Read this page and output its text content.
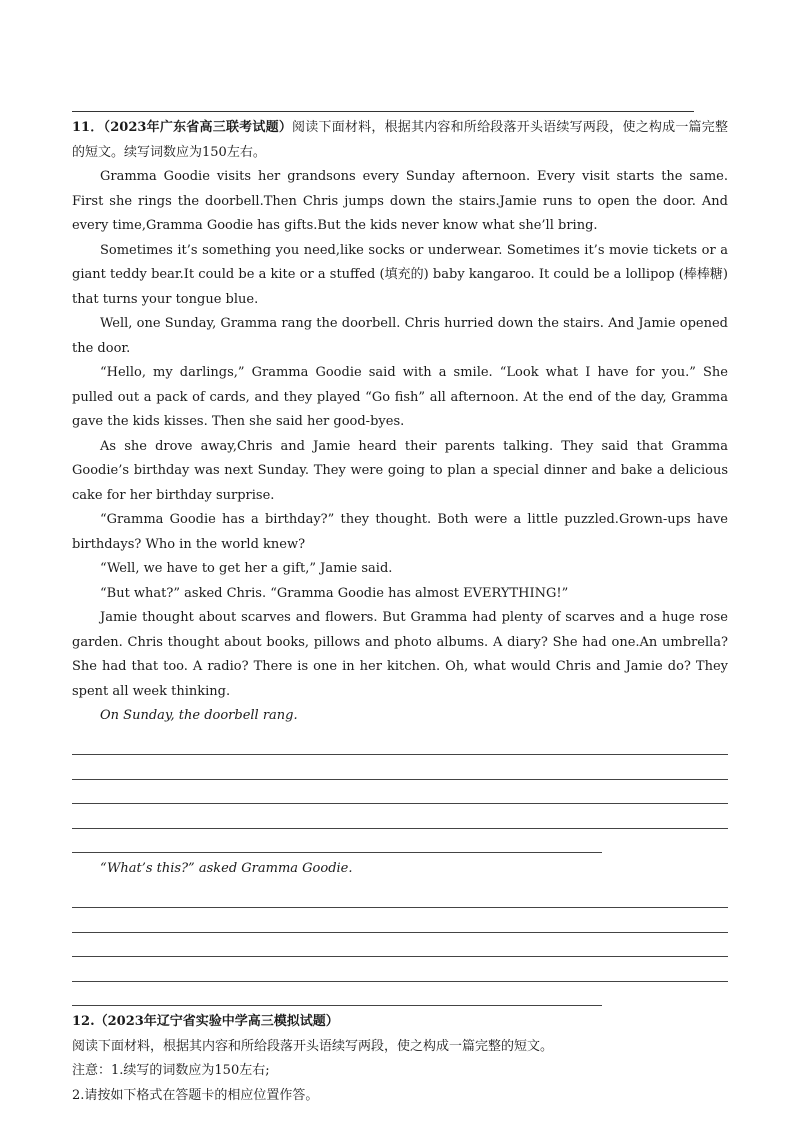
11．（2023年广东省高三联考试题）阅读下面材料，根据其内容和所给段落开头语续写两段，使之构成一篇完整的短文。续写词数应为150左右。

Gramma Goodie visits her grandsons every Sunday afternoon. Every visit starts the same. First she rings the doorbell.Then Chris jumps down the stairs.Jamie runs to open the door. And every time,Gramma Goodie has gifts.But the kids never know what she’ll bring.

Sometimes it’s something you need,like socks or underwear. Sometimes it’s movie tickets or a giant teddy bear.It could be a kite or a stuffed (填充的) baby kangaroo. It could be a lollipop (棒棒糖) that turns your tongue blue.

Well, one Sunday, Gramma rang the doorbell. Chris hurried down the stairs. And Jamie opened the door.

“Hello, my darlings,” Gramma Goodie said with a smile. “Look what I have for you.” She pulled out a pack of cards, and they played “Go fish” all afternoon. At the end of the day, Gramma gave the kids kisses. Then she said her good-byes.

As she drove away,Chris and Jamie heard their parents talking. They said that Gramma Goodie’s birthday was next Sunday. They were going to plan a special dinner and bake a delicious cake for her birthday surprise.

“Gramma Goodie has a birthday?” they thought. Both were a little puzzled.Grown-ups have birthdays? Who in the world knew?

“Well, we have to get her a gift,” Jamie said.

“But what?” asked Chris. “Gramma Goodie has almost EVERYTHING!”

Jamie thought about scarves and flowers. But Gramma had plenty of scarves and a huge rose garden. Chris thought about books, pillows and photo albums. A diary? She had one.An umbrella? She had that too. A radio? There is one in her kitchen. Oh, what would Chris and Jamie do? They spent all week thinking.

On Sunday, the doorbell rang.

“What’s this?” asked Gramma Goodie.

12.（2023年辽宁省实验中学高三模拟试题）

阅读下面材料，根据其内容和所给段落开头语续写两段，使之构成一篇完整的短文。

注意：1.续写的词数应为150左右;

2.请按如下格式在答题卡的相应位置作答。
